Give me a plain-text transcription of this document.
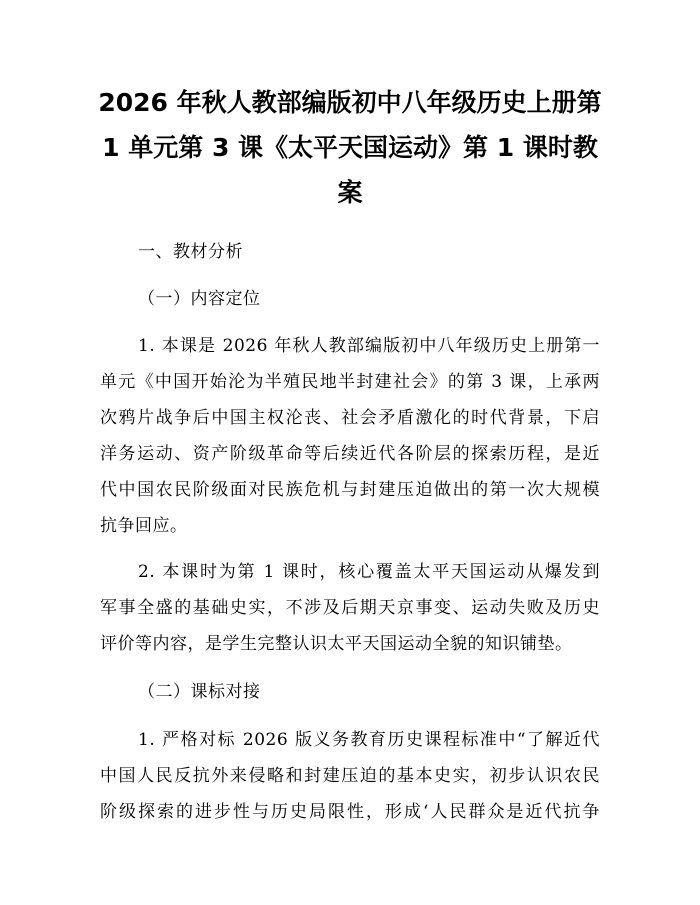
2026 年秋人教部编版初中八年级历史上册第
1 单元第 3 课《太平天国运动》第 1 课时教
案
一、教材分析
（一）内容定位
1. 本课是 2026 年秋人教部编版初中八年级历史上册第一
单元《中国开始沦为半殖民地半封建社会》的第 3 课，上承两
次鸦片战争后中国主权沦丧、社会矛盾激化的时代背景，下启
洋务运动、资产阶级革命等后续近代各阶层的探索历程，是近
代中国农民阶级面对民族危机与封建压迫做出的第一次大规模
抗争回应。
2. 本课时为第 1 课时，核心覆盖太平天国运动从爆发到
军事全盛的基础史实，不涉及后期天京事变、运动失败及历史
评价等内容，是学生完整认识太平天国运动全貌的知识铺垫。
（二）课标对接
1. 严格对标 2026 版义务教育历史课程标准中“了解近代
中国人民反抗外来侵略和封建压迫的基本史实，初步认识农民
阶级探索的进步性与历史局限性，形成‘人民群众是近代抗争
